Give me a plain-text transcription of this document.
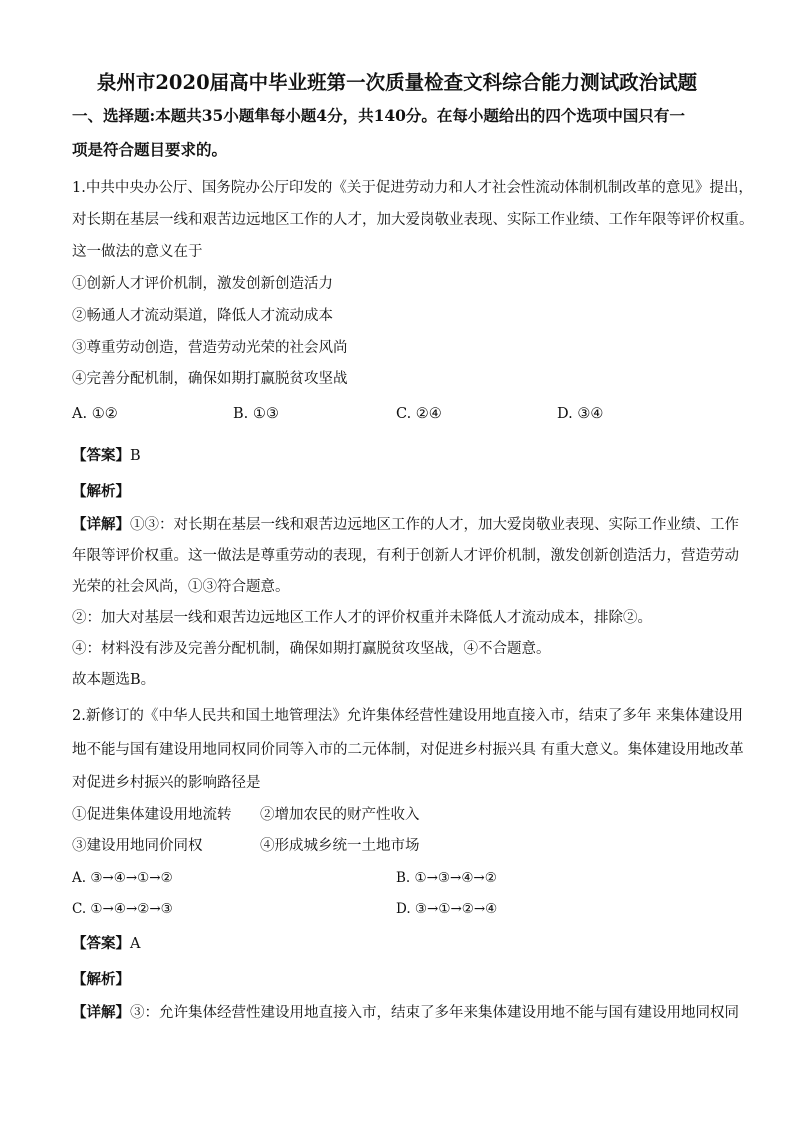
泉州市2020届高中毕业班第一次质量检查文科综合能力测试政治试题
一、选择题:本题共35小题隼每小题4分，共140分。在每小题给出的四个选项中国只有一
项是符合题目要求的。
1.中共中央办公厅、国务院办公厅印发的《关于促进劳动力和人才社会性流动体制机制改革的意见》提出，
对长期在基层一线和艰苦边远地区工作的人才，加大爱岗敬业表现、实际工作业绩、工作年限等评价权重。
这一做法的意义在于
①创新人才评价机制，激发创新创造活力
②畅通人才流动渠道，降低人才流动成本
③尊重劳动创造，营造劳动光荣的社会风尚
④完善分配机制，确保如期打赢脱贫攻坚战
A. ①②	B. ①③	C. ②④	D. ③④
【答案】B
【解析】
【详解】①③：对长期在基层一线和艰苦边远地区工作的人才，加大爱岗敬业表现、实际工作业绩、工作
年限等评价权重。这一做法是尊重劳动的表现，有利于创新人才评价机制，激发创新创造活力，营造劳动
光荣的社会风尚，①③符合题意。
②：加大对基层一线和艰苦边远地区工作人才的评价权重并未降低人才流动成本，排除②。
④：材料没有涉及完善分配机制，确保如期打赢脱贫攻坚战，④不合题意。
故本题选B。
2.新修订的《中华人民共和国土地管理法》允许集体经营性建设用地直接入市，结束了多年 来集体建设用
地不能与国有建设用地同权同价同等入市的二元体制，对促进乡村振兴具 有重大意义。集体建设用地改革
对促进乡村振兴的影响路径是
①促进集体建设用地流转 ②增加农民的财产性收入
③建设用地同价同权	④形成城乡统一土地市场
A. ③→④→①→②	B. ①→③→④→②
C. ①→④→②→③	D. ③→①→②→④
【答案】A
【解析】
【详解】③：允许集体经营性建设用地直接入市，结束了多年来集体建设用地不能与国有建设用地同权同
